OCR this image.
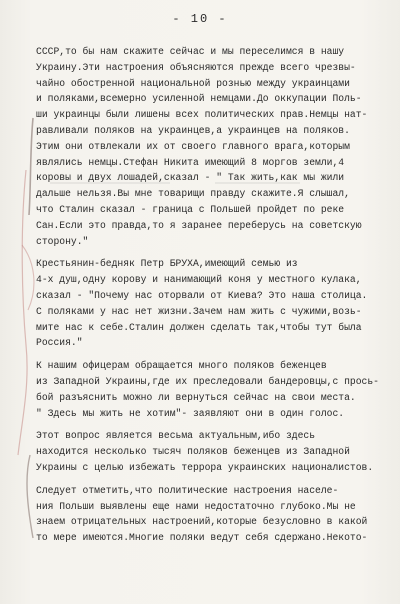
- 10 -
СССР,то бы нам скажите сейчас и мы переселимся в нашу
Украину.Эти настроения объясняются прежде всего чрезвы-
чайно обостренной национальной рознью между украинцами
и поляками,всемерно усиленной немцами.До оккупации Поль-
ши украинцы были лишены всех политических прав.Немцы нат-
равливали поляков на украинцев,а украинцев на поляков.
Этим они отвлекали их от своего главного врага,которым
являлись немцы.Стефан Никита имеющий 8 моргов земли,4
коровы и двух лошадей,сказал - " Так жить,как мы жили
дальше нельзя.Вы мне товарищи правду скажите.Я слышал,
что Сталин сказал - граница с Польшей пройдет по реке
Сан.Если это правда,то я заранее переберусь на советскую
сторону."
Крестьянин-бедняк Петр БРУХА,имеющий семью из
4-х душ,одну корову и нанимающий коня у местного кулака,
сказал - "Почему нас оторвали от Киева? Это наша столица.
С поляками у нас нет жизни.Зачем нам жить с чужими,возь-
мите нас к себе.Сталин должен сделать так,чтобы тут была
Россия."
К нашим офицерам обращается много поляков беженцев
из Западной Украины,где их преследовали бандеровцы,с прось-
бой разъяснить можно ли вернуться сейчас на свои места.
" Здесь мы жить не хотим"- заявляют они в один голос.
Этот вопрос является весьма актуальным,ибо здесь
находится несколько тысяч поляков беженцев из Западной
Украины с целью избежать террора украинских националистов.
Следует отметить,что политические настроения населе-
ния Польши выявлены еще нами недостаточно глубоко.Мы не
знаем отрицательных настроений,которые безусловно в какой
то мере имеются.Многие поляки ведут себя сдержано.Некото-
